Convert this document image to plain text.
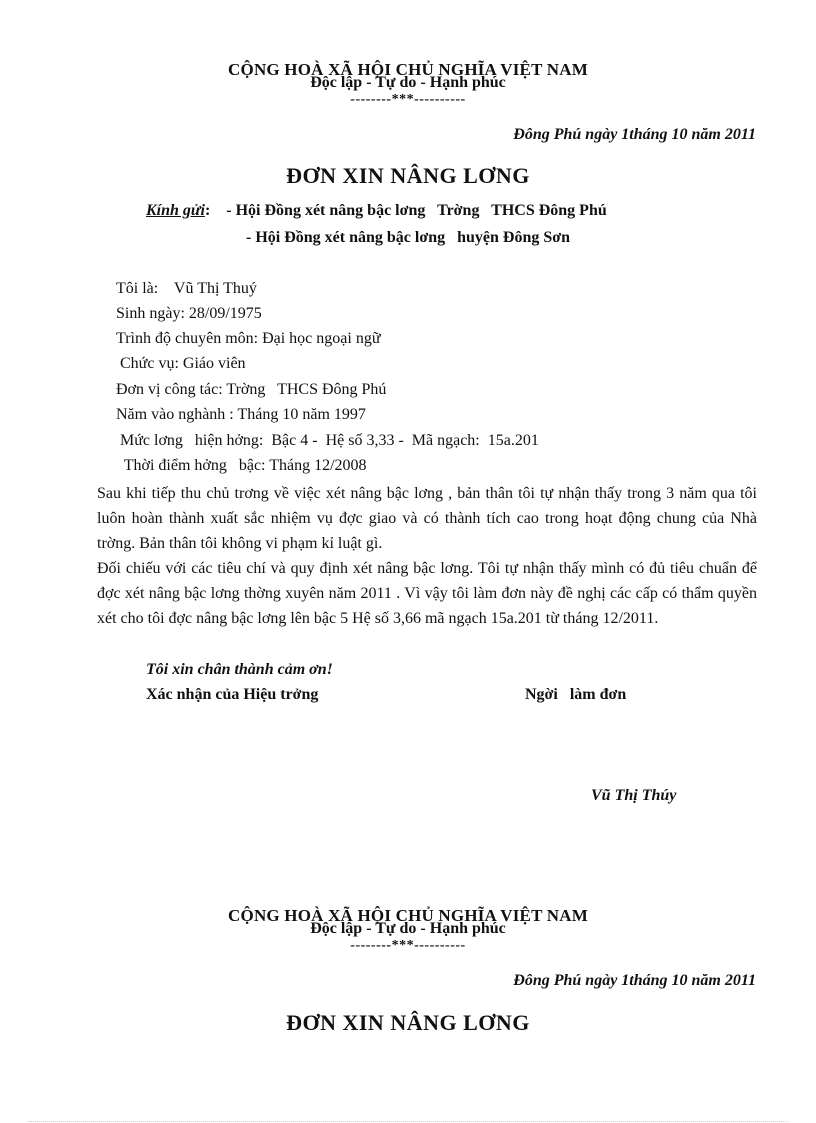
CỘNG HOÀ XÃ HỘI CHỦ NGHĨA VIỆT NAM
Độc lập - Tự do - Hạnh phúc
--------***----------
Đông Phú ngày 1tháng 10 năm 2011
ĐƠN XIN NÂNG LƠNG
Kính gửi: - Hội Đồng xét nâng bậc lơng   Trờng   THCS Đông Phú
- Hội Đồng xét nâng bậc lơng   huyện Đông Sơn
Tôi là:    Vũ Thị Thuý
Sinh ngày: 28/09/1975
Trình độ chuyên môn: Đại học ngoại ngữ
Chức vụ: Giáo viên
Đơn vị công tác: Trờng   THCS Đông Phú
Năm vào nghành : Tháng 10 năm 1997
Mức lơng   hiện hởng:  Bậc 4 -  Hệ số 3,33 -  Mã ngạch:  15a.201
Thời điểm hởng   bậc: Tháng 12/2008

Sau khi tiếp thu chủ trơng về việc xét nâng bậc lơng , bản thân tôi tự nhận thấy trong 3 năm qua tôi luôn hoàn thành xuất sắc nhiệm vụ đợc giao và có thành tích cao trong hoạt động chung của Nhà trờng. Bản thân tôi không vi phạm kỉ luật gì.

Đối chiếu với các tiêu chí và quy định xét nâng bậc lơng. Tôi tự nhận thấy mình có đủ tiêu chuẩn để đợc xét nâng bậc lơng thờng xuyên năm 2011 . Vì vậy tôi làm đơn này đề nghị các cấp có thẩm quyền xét cho tôi đợc nâng bậc lơng lên bậc 5 Hệ số 3,66 mã ngạch 15a.201 từ tháng 12/2011.

Tôi xin chân thành cảm ơn!
Xác nhận của Hiệu trởng	Ngời   làm đơn
Vũ Thị Thúy
CỘNG HOÀ XÃ HỘI CHỦ NGHĨA VIỆT NAM
Độc lập - Tự do - Hạnh phúc
--------***----------
Đông Phú ngày 1tháng 10 năm 2011
ĐƠN XIN NÂNG LƠNG
